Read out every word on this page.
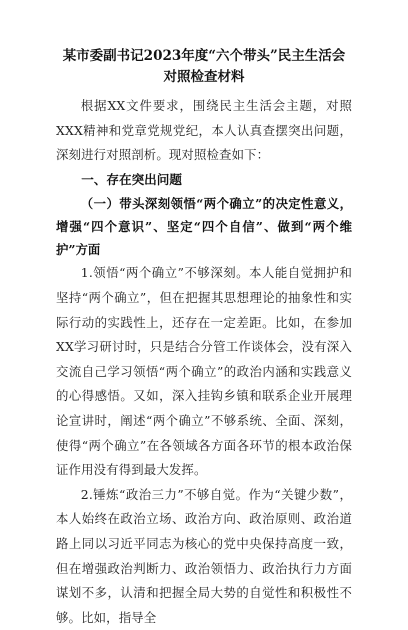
某市委副书记2023年度“六个带头”民主生活会对照检查材料

根据XX文件要求，围绕民主生活会主题，对照XXX精神和党章党规党纪，本人认真查摆突出问题，深刻进行对照剖析。现对照检查如下：

一、存在突出问题

（一）带头深刻领悟“两个确立”的决定性意义，增强“四个意识”、坚定“四个自信”、做到“两个维护”方面

1.领悟“两个确立”不够深刻。本人能自觉拥护和坚持“两个确立”，但在把握其思想理论的抽象性和实际行动的实践性上，还存在一定差距。比如，在参加XX学习研讨时，只是结合分管工作谈体会，没有深入交流自己学习领悟“两个确立”的政治内涵和实践意义的心得感悟。又如，深入挂钩乡镇和联系企业开展理论宣讲时，阐述“两个确立”不够系统、全面、深刻，使得“两个确立”在各领域各方面各环节的根本政治保证作用没有得到最大发挥。

2.锤炼“政治三力”不够自觉。作为“关键少数”，本人始终在政治立场、政治方向、政治原则、政治道路上同以习近平同志为核心的党中央保持高度一致，但在增强政治判断力、政治领悟力、政治执行力方面谋划不多，认清和把握全局大势的自觉性和积极性不够。比如，指导全
